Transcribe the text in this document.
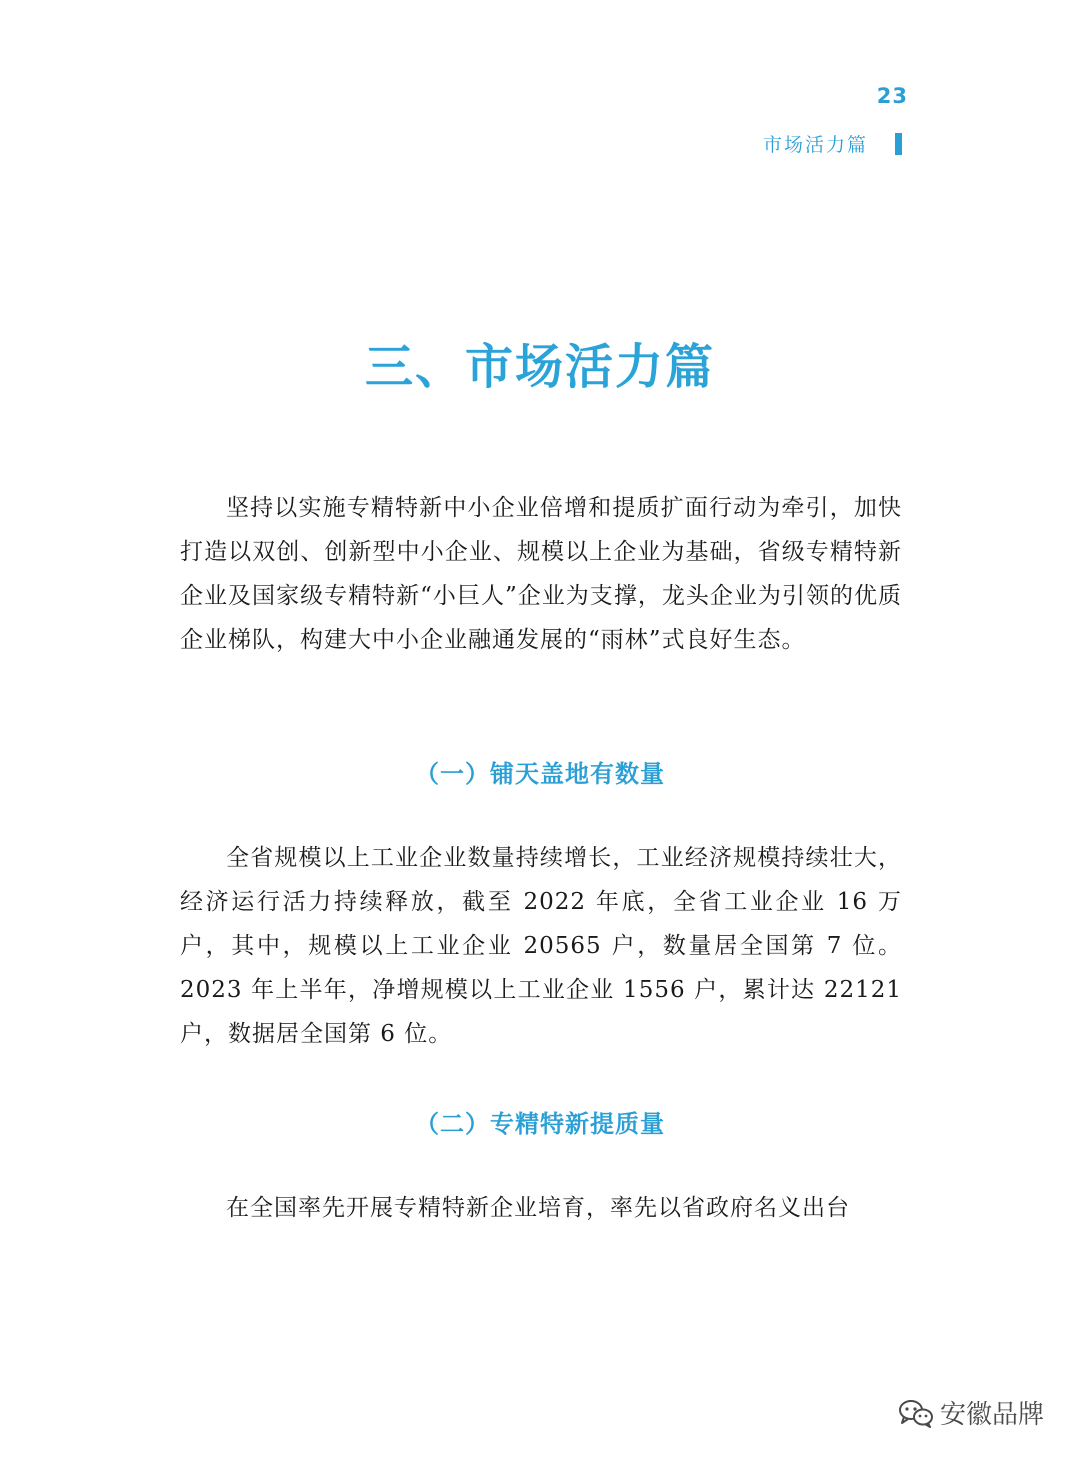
23
市场活力篇
三、市场活力篇

坚持以实施专精特新中小企业倍增和提质扩面行动为牵引，加快打造以双创、创新型中小企业、规模以上企业为基础，省级专精特新企业及国家级专精特新“小巨人”企业为支撑，龙头企业为引领的优质企业梯队，构建大中小企业融通发展的“雨林”式良好生态。

（一）铺天盖地有数量

全省规模以上工业企业数量持续增长，工业经济规模持续壮大，经济运行活力持续释放，截至 2022 年底，全省工业企业 16 万户，其中，规模以上工业企业 20565 户，数量居全国第 7 位。2023 年上半年，净增规模以上工业企业 1556 户，累计达 22121 户，数据居全国第 6 位。

（二）专精特新提质量

在全国率先开展专精特新企业培育，率先以省政府名义出台

安徽品牌
